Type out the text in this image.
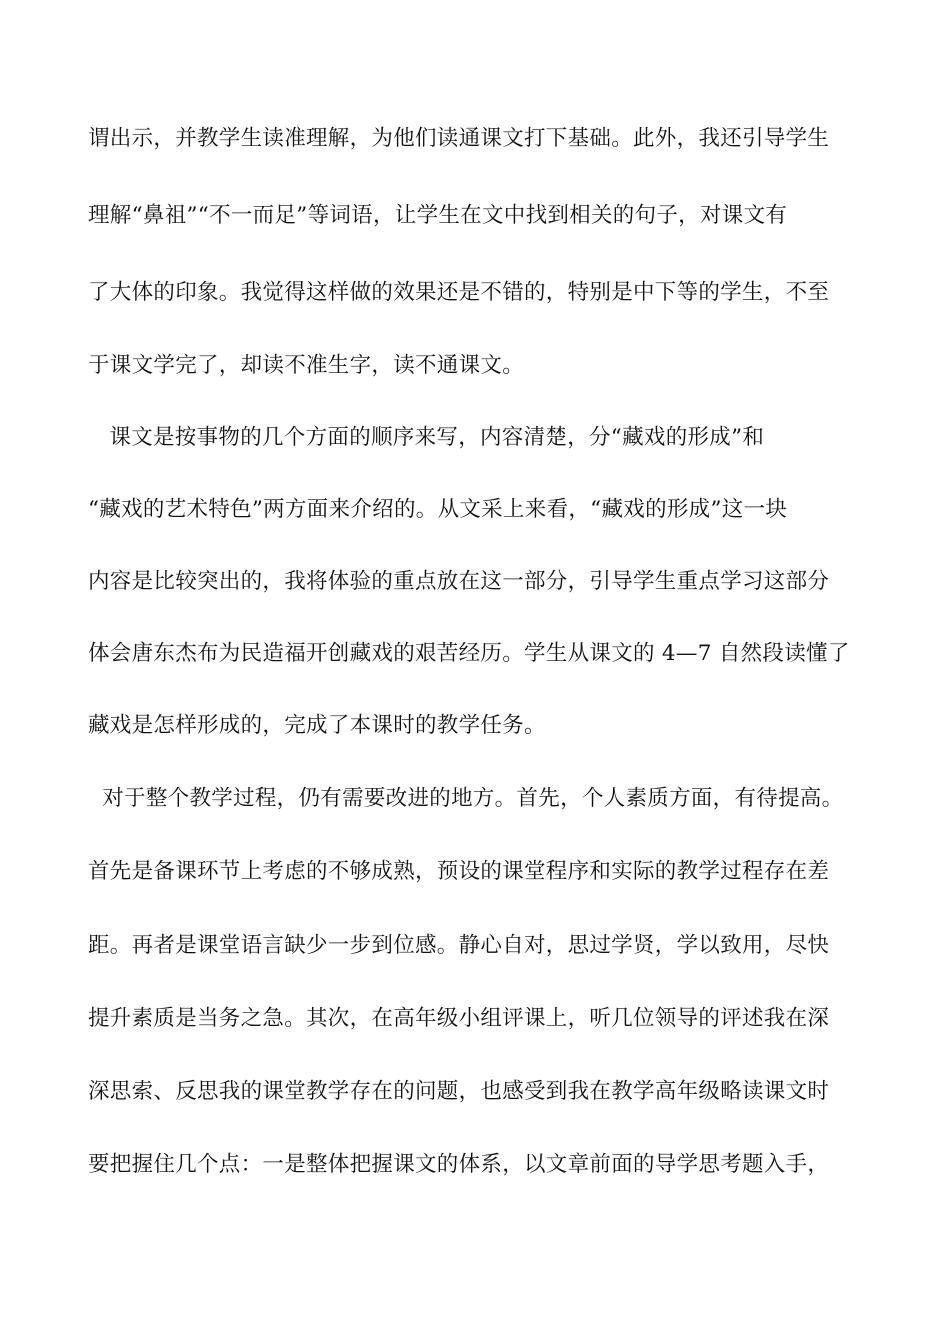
谓出示，并教学生读准理解，为他们读通课文打下基础。此外，我还引导学生
理解“鼻祖”“不一而足”等词语，让学生在文中找到相关的句子，对课文有
了大体的印象。我觉得这样做的效果还是不错的，特别是中下等的学生，不至
于课文学完了，却读不准生字，读不通课文。
课文是按事物的几个方面的顺序来写，内容清楚，分“藏戏的形成”和
“藏戏的艺术特色”两方面来介绍的。从文采上来看，“藏戏的形成”这一块
内容是比较突出的，我将体验的重点放在这一部分，引导学生重点学习这部分
体会唐东杰布为民造福开创藏戏的艰苦经历。学生从课文的 4—7 自然段读懂了
藏戏是怎样形成的，完成了本课时的教学任务。
对于整个教学过程，仍有需要改进的地方。首先，个人素质方面，有待提高。
首先是备课环节上考虑的不够成熟，预设的课堂程序和实际的教学过程存在差
距。再者是课堂语言缺少一步到位感。静心自对，思过学贤，学以致用，尽快
提升素质是当务之急。其次，在高年级小组评课上，听几位领导的评述我在深
深思索、反思我的课堂教学存在的问题，也感受到我在教学高年级略读课文时
要把握住几个点：一是整体把握课文的体系，以文章前面的导学思考题入手，
